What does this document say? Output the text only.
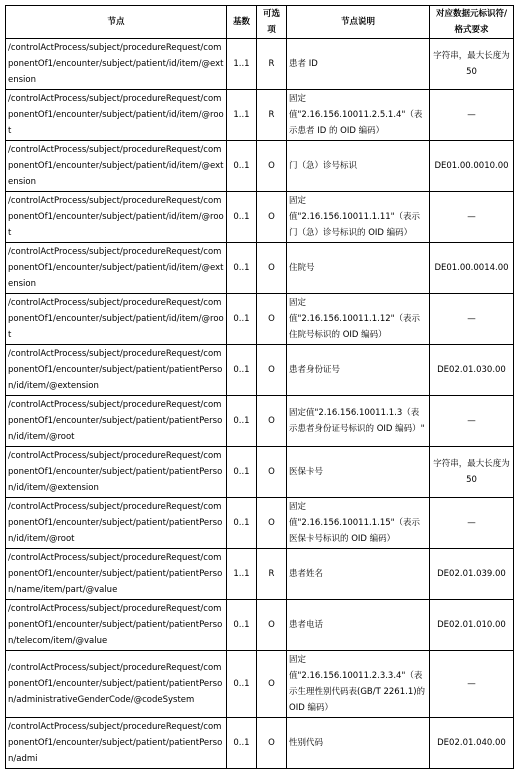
节点	基数	可选项	节点说明	对应数据元标识符/格式要求
/controlActProcess/subject/procedureRequest/componentOf1/encounter/subject/patient/id/item/@extension	1..1	R	患者 ID	字符串，最大长度为 50
/controlActProcess/subject/procedureRequest/componentOf1/encounter/subject/patient/id/item/@root	1..1	R	固定值"2.16.156.10011.2.5.1.4"（表示患者 ID 的 OID 编码）	—
/controlActProcess/subject/procedureRequest/componentOf1/encounter/subject/patient/id/item/@extension	0..1	O	门（急）诊号标识	DE01.00.0010.00
/controlActProcess/subject/procedureRequest/componentOf1/encounter/subject/patient/id/item/@root	0..1	O	固定值"2.16.156.10011.1.11"（表示门（急）诊号标识的 OID 编码）	—
/controlActProcess/subject/procedureRequest/componentOf1/encounter/subject/patient/id/item/@extension	0..1	O	住院号	DE01.00.0014.00
/controlActProcess/subject/procedureRequest/componentOf1/encounter/subject/patient/id/item/@root	0..1	O	固定值"2.16.156.10011.1.12"（表示住院号标识的 OID 编码）	—
/controlActProcess/subject/procedureRequest/componentOf1/encounter/subject/patient/patientPerson/id/item/@extension	0..1	O	患者身份证号	DE02.01.030.00
/controlActProcess/subject/procedureRequest/componentOf1/encounter/subject/patient/patientPerson/id/item/@root	0..1	O	固定值"2.16.156.10011.1.3（表示患者身份证号标识的 OID 编码）"	—
/controlActProcess/subject/procedureRequest/componentOf1/encounter/subject/patient/patientPerson/id/item/@extension	0..1	O	医保卡号	字符串，最大长度为 50
/controlActProcess/subject/procedureRequest/componentOf1/encounter/subject/patient/patientPerson/id/item/@root	0..1	O	固定值"2.16.156.10011.1.15"（表示医保卡号标识的 OID 编码）	—
/controlActProcess/subject/procedureRequest/componentOf1/encounter/subject/patient/patientPerson/name/item/part/@value	1..1	R	患者姓名	DE02.01.039.00
/controlActProcess/subject/procedureRequest/componentOf1/encounter/subject/patient/patientPerson/telecom/item/@value	0..1	O	患者电话	DE02.01.010.00
/controlActProcess/subject/procedureRequest/componentOf1/encounter/subject/patient/patientPerson/administrativeGenderCode/@codeSystem	0..1	O	固定值"2.16.156.10011.2.3.3.4"（表示生理性别代码表(GB/T 2261.1)的 OID 编码）	—
/controlActProcess/subject/procedureRequest/componentOf1/encounter/subject/patient/patientPerson/admi	0..1	O	性别代码	DE02.01.040.00
